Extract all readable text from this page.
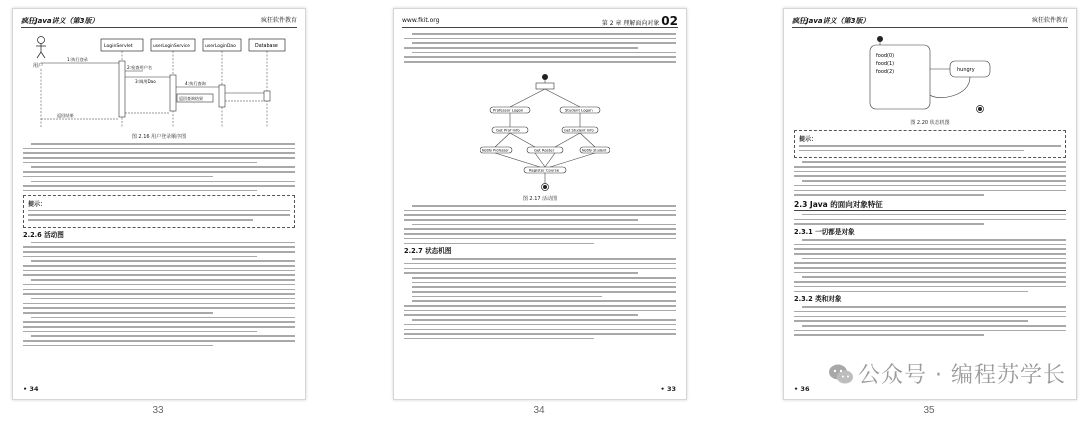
疯狂Java讲义（第3版）	疯狂软件教育
用户
LoginServlet	userLoginService	userLoginDao	Database
1:执行登录
2:检查用户名
3:调用Dao	4:执行查询
返回查询结果
返回结果
图 2.16 用户登录顺序图
提示：
2.2.6 活动图
• 34
33
www.fkit.org	第 2 章 理解面向对象 02
Professor Logon	Student Logon
Get Prof Info	Get Student Info
Notify Professor	Get Roster	Notify Student
Register Course
图 2.17 活动图
2.2.7 状态机图
• 33
34
疯狂Java讲义（第3版）	疯狂软件教育
food(0)
food(1)
food(2)	hungry
图 2.20 状态机图
提示：
2.3 Java 的面向对象特征
2.3.1 一切都是对象
2.3.2 类和对象
• 36
35
公众号 · 编程苏学长
